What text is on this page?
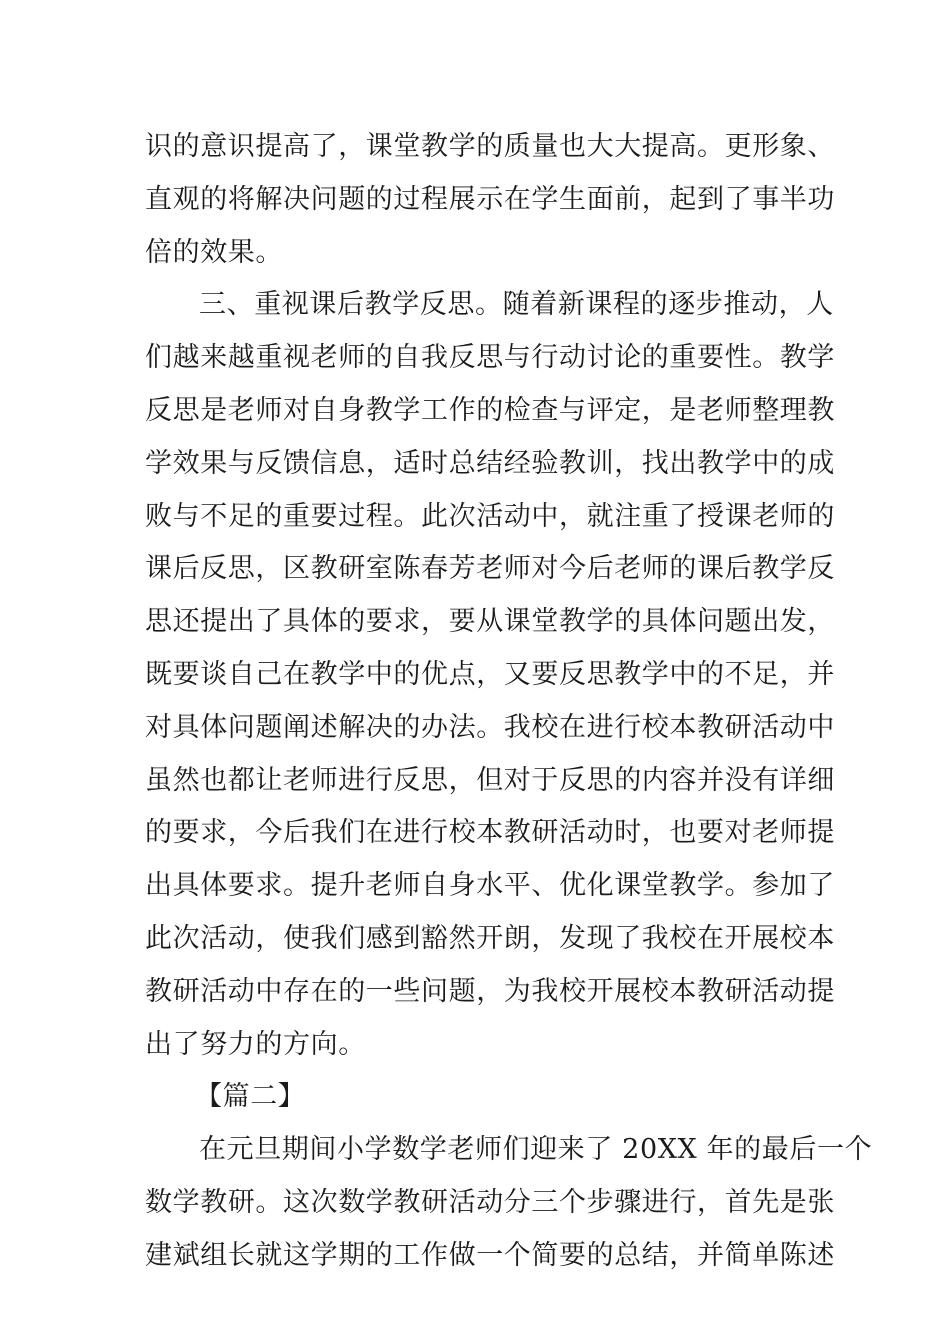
识的意识提高了，课堂教学的质量也大大提高。更形象、
直观的将解决问题的过程展示在学生面前，起到了事半功
倍的效果。
三、重视课后教学反思。随着新课程的逐步推动，人
们越来越重视老师的自我反思与行动讨论的重要性。教学
反思是老师对自身教学工作的检查与评定，是老师整理教
学效果与反馈信息，适时总结经验教训，找出教学中的成
败与不足的重要过程。此次活动中，就注重了授课老师的
课后反思，区教研室陈春芳老师对今后老师的课后教学反
思还提出了具体的要求，要从课堂教学的具体问题出发，
既要谈自己在教学中的优点，又要反思教学中的不足，并
对具体问题阐述解决的办法。我校在进行校本教研活动中
虽然也都让老师进行反思，但对于反思的内容并没有详细
的要求，今后我们在进行校本教研活动时，也要对老师提
出具体要求。提升老师自身水平、优化课堂教学。参加了
此次活动，使我们感到豁然开朗，发现了我校在开展校本
教研活动中存在的一些问题，为我校开展校本教研活动提
出了努力的方向。
【篇二】
在元旦期间小学数学老师们迎来了 20XX 年的最后一个
数学教研。这次数学教研活动分三个步骤进行，首先是张
建斌组长就这学期的工作做一个简要的总结，并简单陈述
